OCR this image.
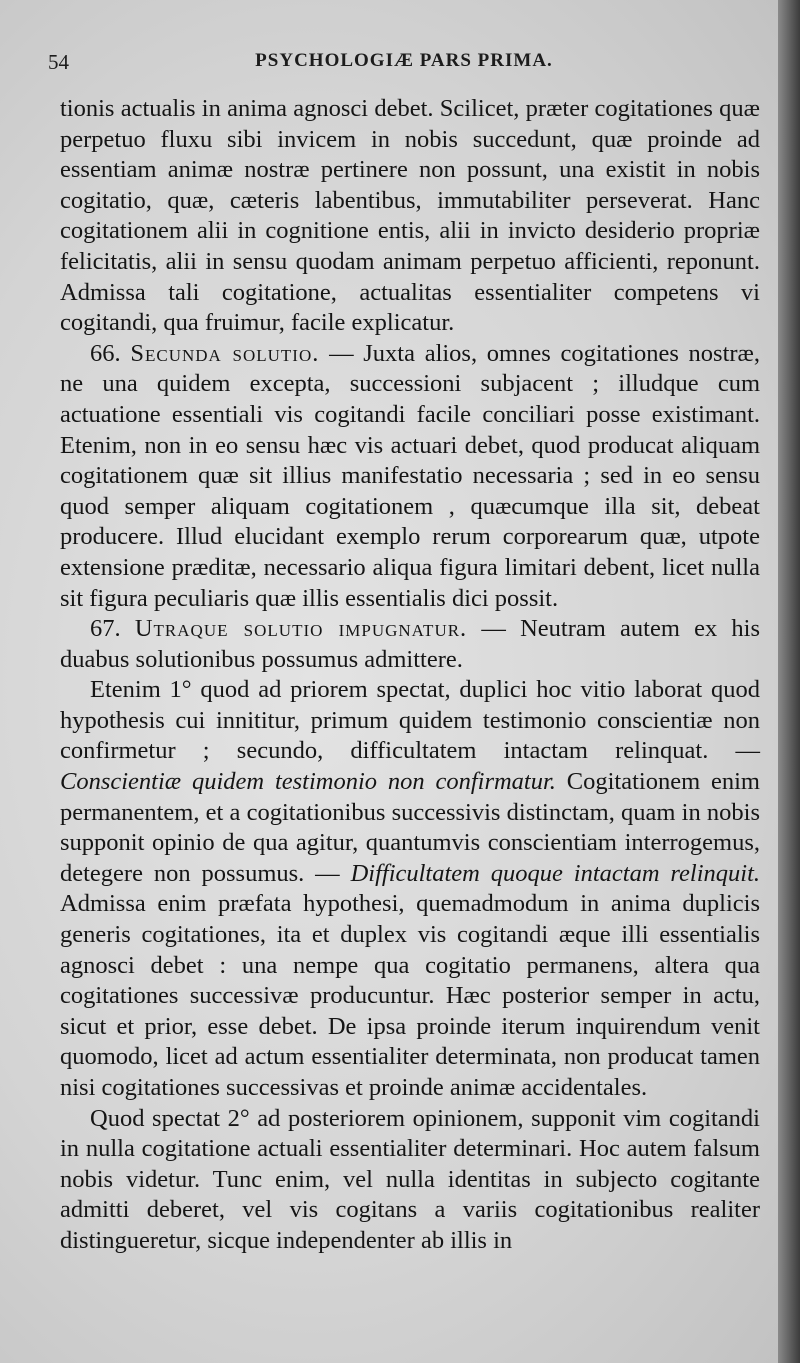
54	PSYCHOLOGIÆ PARS PRIMA.

tionis actualis in anima agnosci debet. Scilicet, præter cogitationes quæ perpetuo fluxu sibi invicem in nobis succedunt, quæ proinde ad essentiam animæ nostræ pertinere non possunt, una existit in nobis cogitatio, quæ, cæteris labentibus, immutabiliter perseverat. Hanc cogitationem alii in cognitione entis, alii in invicto desiderio propriæ felicitatis, alii in sensu quodam animam perpetuo afficienti, reponunt. Admissa tali cogitatione, actualitas essentialiter competens vi cogitandi, qua fruimur, facile explicatur.

66. Secunda solutio. — Juxta alios, omnes cogitationes nostræ, ne una quidem excepta, successioni subjacent ; illudque cum actuatione essentiali vis cogitandi facile conciliari posse existimant. Etenim, non in eo sensu hæc vis actuari debet, quod producat aliquam cogitationem quæ sit illius manifestatio necessaria ; sed in eo sensu quod semper aliquam cogitationem , quæcumque illa sit, debeat producere. Illud elucidant exemplo rerum corporearum quæ, utpote extensione præditæ, necessario aliqua figura limitari debent, licet nulla sit figura peculiaris quæ illis essentialis dici possit.

67. Utraque solutio impugnatur. — Neutram autem ex his duabus solutionibus possumus admittere.

Etenim 1° quod ad priorem spectat, duplici hoc vitio laborat quod hypothesis cui innititur, primum quidem testimonio conscientiæ non confirmetur ; secundo, difficultatem intactam relinquat. — Conscientiæ quidem testimonio non confirmatur. Cogitationem enim permanentem, et a cogitationibus successivis distinctam, quam in nobis supponit opinio de qua agitur, quantumvis conscientiam interrogemus, detegere non possumus. — Difficultatem quoque intactam relinquit. Admissa enim præfata hypothesi, quemadmodum in anima duplicis generis cogitationes, ita et duplex vis cogitandi æque illi essentialis agnosci debet : una nempe qua cogitatio permanens, altera qua cogitationes successivæ producuntur. Hæc posterior semper in actu, sicut et prior, esse debet. De ipsa proinde iterum inquirendum venit quomodo, licet ad actum essentialiter determinata, non producat tamen nisi cogitationes successivas et proinde animæ accidentales.

Quod spectat 2° ad posteriorem opinionem, supponit vim cogitandi in nulla cogitatione actuali essentialiter determinari. Hoc autem falsum nobis videtur. Tunc enim, vel nulla identitas in subjecto cogitante admitti deberet, vel vis cogitans a variis cogitationibus realiter distingueretur, sicque independenter ab illis in
